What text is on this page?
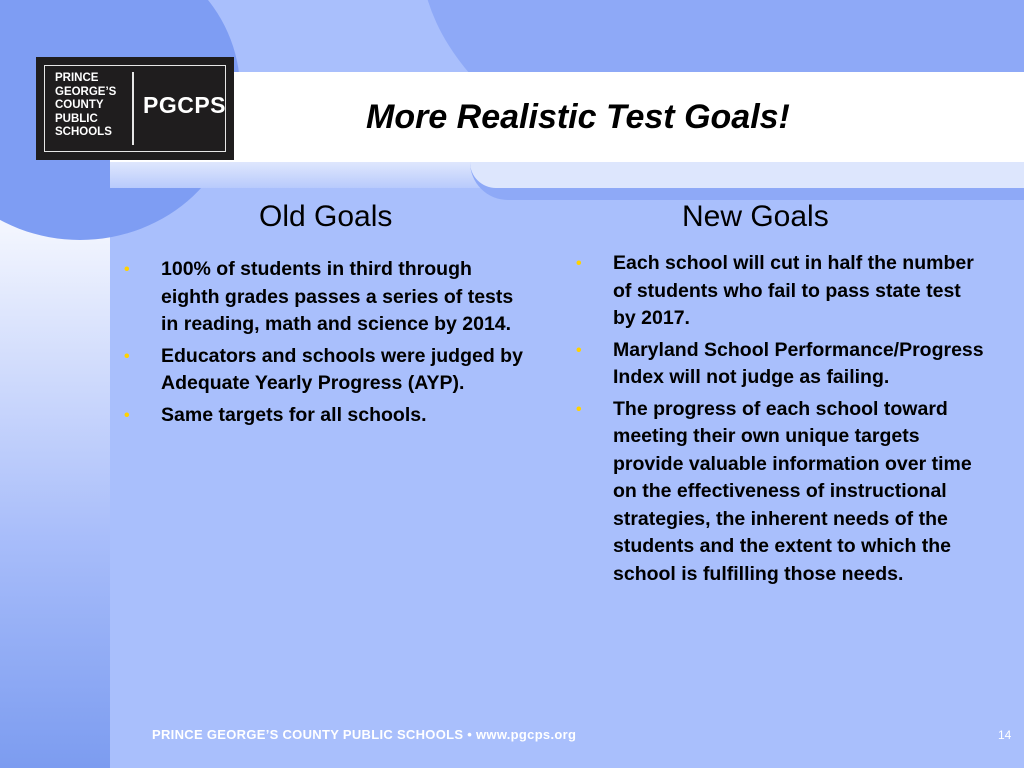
PRINCE
GEORGE’S
COUNTY
PUBLIC
SCHOOLS
PGCPS	More Realistic Test Goals!
Old Goals	New Goals
• 100% of students in third through eighth grades passes a series of tests in reading, math and science by 2014.
• Educators and schools were judged by Adequate Yearly Progress (AYP).
• Same targets for all schools.
• Each school will cut in half the number of students who fail to pass state test by 2017.
• Maryland School Performance/Progress Index will not judge as failing.
• The progress of each school toward meeting their own unique targets provide valuable information over time on the effectiveness of instructional strategies, the inherent needs of the students and the extent to which the school is fulfilling those needs.
PRINCE GEORGE’S COUNTY PUBLIC SCHOOLS • www.pgcps.org	14
